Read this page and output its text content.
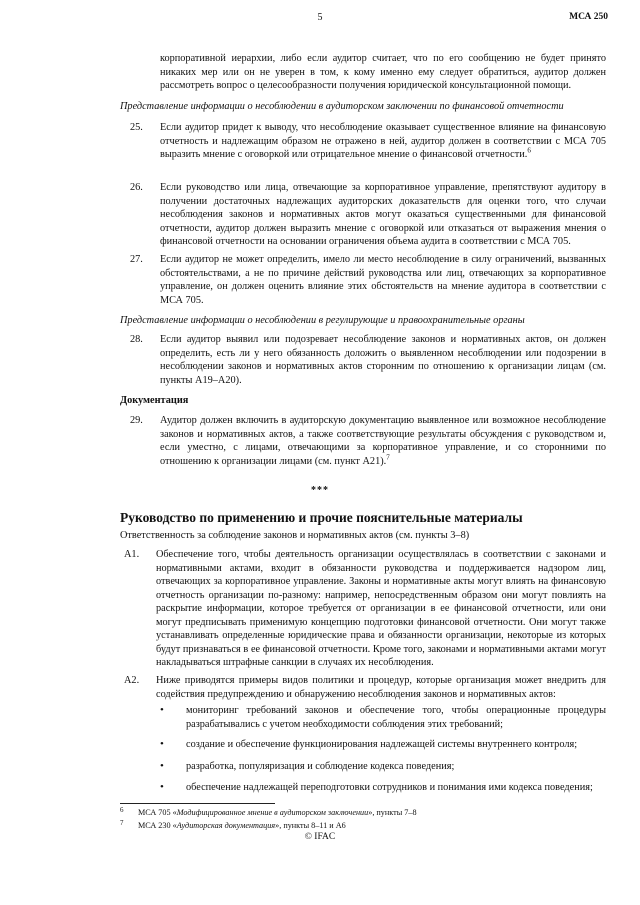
5	МСА 250
корпоративной иерархии, либо если аудитор считает, что по его сообщению не будет принято никаких мер или он не уверен в том, к кому именно ему следует обратиться, аудитор должен рассмотреть вопрос о целесообразности получения юридической консультационной помощи.
Представление информации о несоблюдении в аудиторском заключении по финансовой отчетности
25.	Если аудитор придет к выводу, что несоблюдение оказывает существенное влияние на финансовую отчетность и надлежащим образом не отражено в ней, аудитор должен в соответствии с МСА 705 выразить мнение с оговоркой или отрицательное мнение о финансовой отчетности.$^6$
26.	Если руководство или лица, отвечающие за корпоративное управление, препятствуют аудитору в получении достаточных надлежащих аудиторских доказательств для оценки того, что случаи несоблюдения законов и нормативных актов могут оказаться существенными для финансовой отчетности, аудитор должен выразить мнение с оговоркой или отказаться от выражения мнения о финансовой отчетности на основании ограничения объема аудита в соответствии с МСА 705.
27.	Если аудитор не может определить, имело ли место несоблюдение в силу ограничений, вызванных обстоятельствами, а не по причине действий руководства или лиц, отвечающих за корпоративное управление, он должен оценить влияние этих обстоятельств на мнение аудитора в соответствии с МСА 705.
Представление информации о несоблюдении в регулирующие и правоохранительные органы
28.	Если аудитор выявил или подозревает несоблюдение законов и нормативных актов, он должен определить, есть ли у него обязанность доложить о выявленном несоблюдении или подозрении в несоблюдении законов и нормативных актов сторонним по отношению к организации лицам (см. пункты A19–A20).
Документация
29.	Аудитор должен включить в аудиторскую документацию выявленное или возможное несоблюдение законов и нормативных актов, а также соответствующие результаты обсуждения с руководством и, если уместно, с лицами, отвечающими за корпоративное управление, и со сторонними по отношению к организации лицами (см. пункт A21).$^7$
***
Руководство по применению и прочие пояснительные материалы
Ответственность за соблюдение законов и нормативных актов (см. пункты 3–8)
A1.	Обеспечение того, чтобы деятельность организации осуществлялась в соответствии с законами и нормативными актами, входит в обязанности руководства и поддерживается надзором лиц, отвечающих за корпоративное управление. Законы и нормативные акты могут влиять на финансовую отчетность организации по-разному: например, непосредственным образом они могут повлиять на раскрытие информации, которое требуется от организации в ее финансовой отчетности, или они могут предписывать применимую концепцию подготовки финансовой отчетности. Они могут также устанавливать определенные юридические права и обязанности организации, некоторые из которых будут признаваться в ее финансовой отчетности. Кроме того, законами и нормативными актами могут накладываться штрафные санкции в случаях их несоблюдения.
A2.	Ниже приводятся примеры видов политики и процедур, которые организация может внедрить для содействия предупреждению и обнаружению несоблюдения законов и нормативных актов:
• мониторинг требований законов и обеспечение того, чтобы операционные процедуры разрабатывались с учетом необходимости соблюдения этих требований;
• создание и обеспечение функционирования надлежащей системы внутреннего контроля;
• разработка, популяризация и соблюдение кодекса поведения;
• обеспечение надлежащей переподготовки сотрудников и понимания ими кодекса поведения;
6 МСА 705 «Модифицированное мнение в аудиторском заключении», пункты 7–8
7 МСА 230 «Аудиторская документация», пункты 8–11 и A6
© IFAC
